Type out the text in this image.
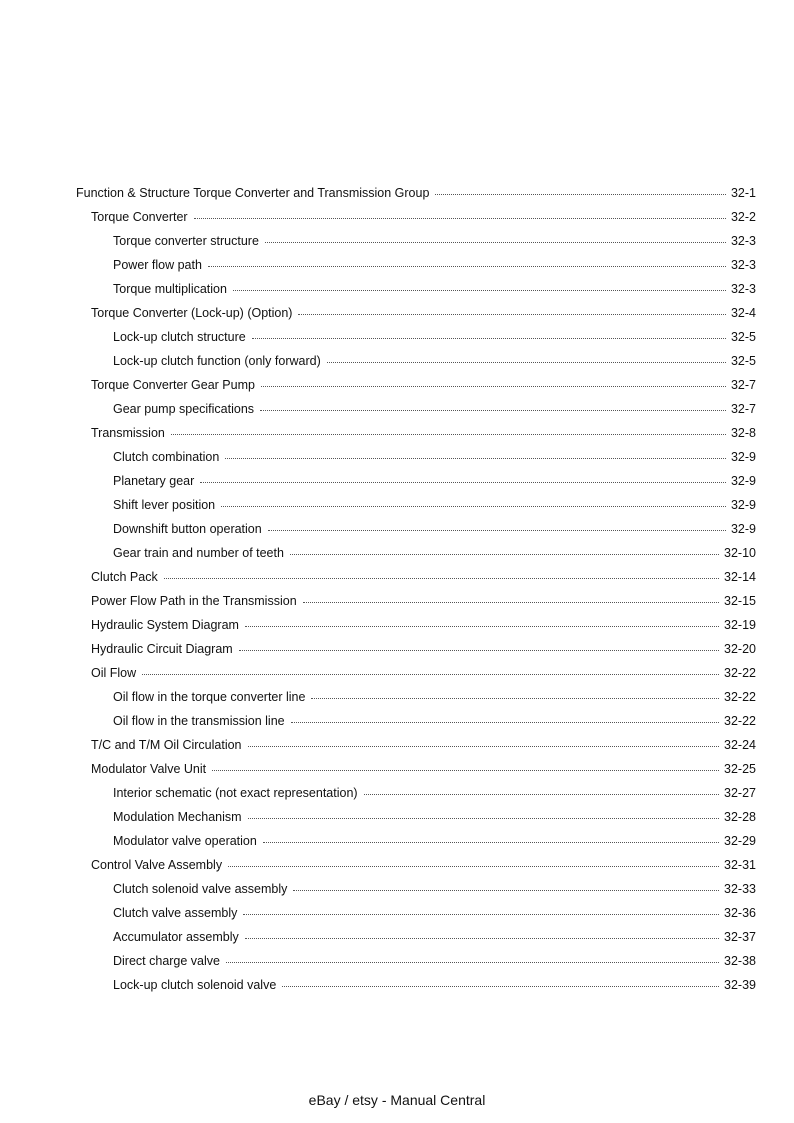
Function & Structure Torque Converter and Transmission Group	32-1
Torque Converter	32-2
Torque converter structure	32-3
Power flow path	32-3
Torque multiplication	32-3
Torque Converter (Lock-up) (Option)	32-4
Lock-up clutch structure	32-5
Lock-up clutch function (only forward)	32-5
Torque Converter Gear Pump	32-7
Gear pump specifications	32-7
Transmission	32-8
Clutch combination	32-9
Planetary gear	32-9
Shift lever position	32-9
Downshift button operation	32-9
Gear train and number of teeth	32-10
Clutch Pack	32-14
Power Flow Path in the Transmission	32-15
Hydraulic System Diagram	32-19
Hydraulic Circuit Diagram	32-20
Oil Flow	32-22
Oil flow in the torque converter line	32-22
Oil flow in the transmission line	32-22
T/C and T/M Oil Circulation	32-24
Modulator Valve Unit	32-25
Interior schematic (not exact representation)	32-27
Modulation Mechanism	32-28
Modulator valve operation	32-29
Control Valve Assembly	32-31
Clutch solenoid valve assembly	32-33
Clutch valve assembly	32-36
Accumulator assembly	32-37
Direct charge valve	32-38
Lock-up clutch solenoid valve	32-39
eBay / etsy - Manual Central
